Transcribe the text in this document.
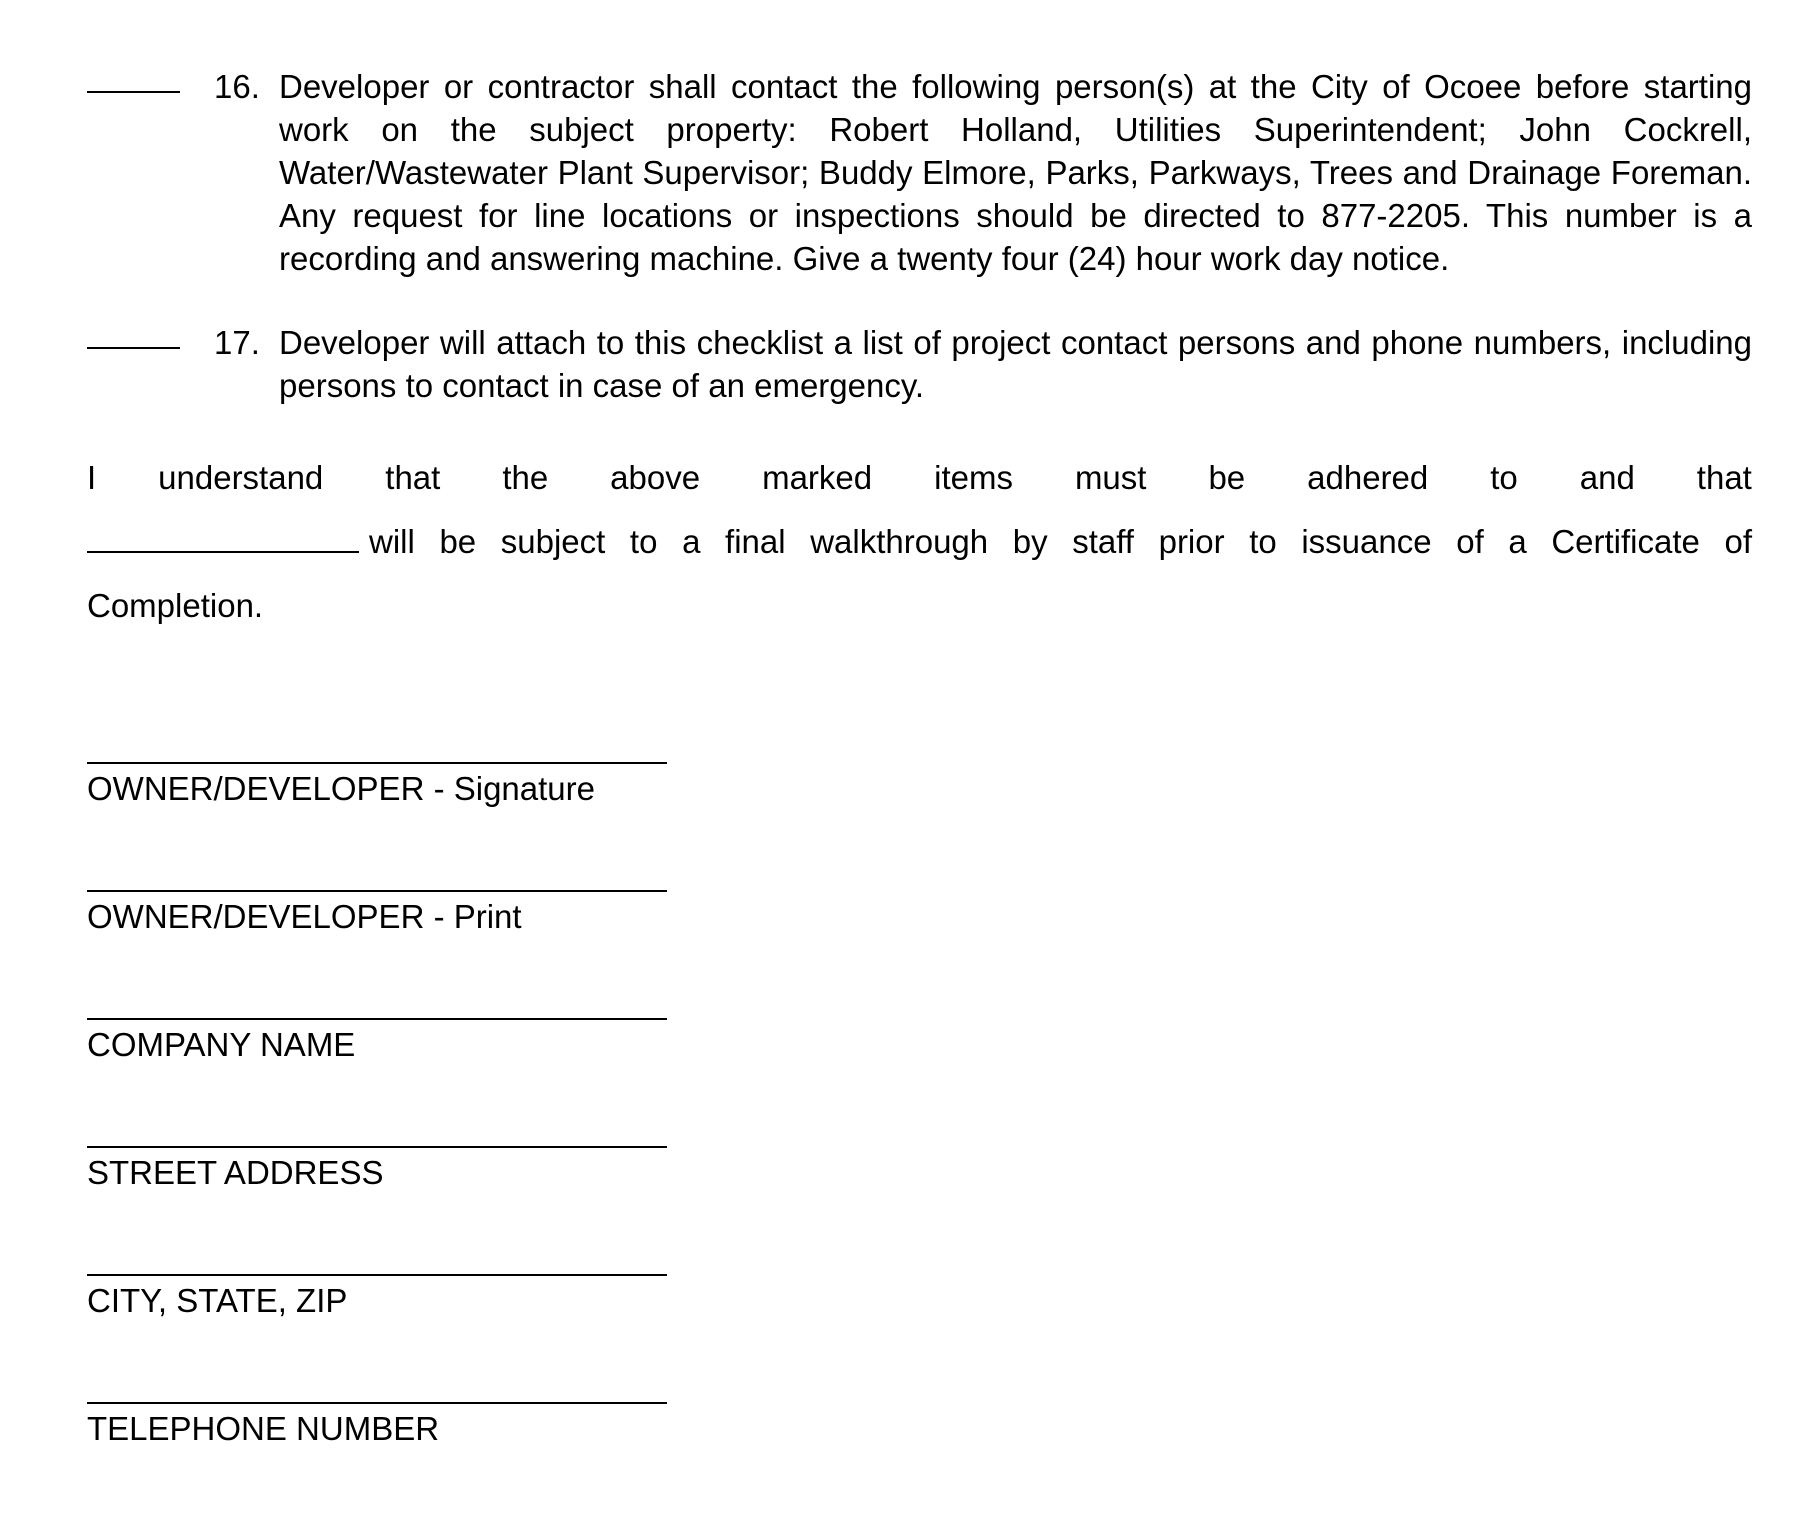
16. Developer or contractor shall contact the following person(s) at the City of Ocoee before starting work on the subject property: Robert Holland, Utilities Superintendent; John Cockrell, Water/Wastewater Plant Supervisor; Buddy Elmore, Parks, Parkways, Trees and Drainage Foreman. Any request for line locations or inspections should be directed to 877-2205. This number is a recording and answering machine. Give a twenty four (24) hour work day notice.
17. Developer will attach to this checklist a list of project contact persons and phone numbers, including persons to contact in case of an emergency.
I understand that the above marked items must be adhered to and that
will be subject to a final walkthrough by staff prior to issuance of a Certificate of
Completion.
OWNER/DEVELOPER - Signature
OWNER/DEVELOPER - Print
COMPANY NAME
STREET ADDRESS
CITY, STATE, ZIP
TELEPHONE NUMBER
